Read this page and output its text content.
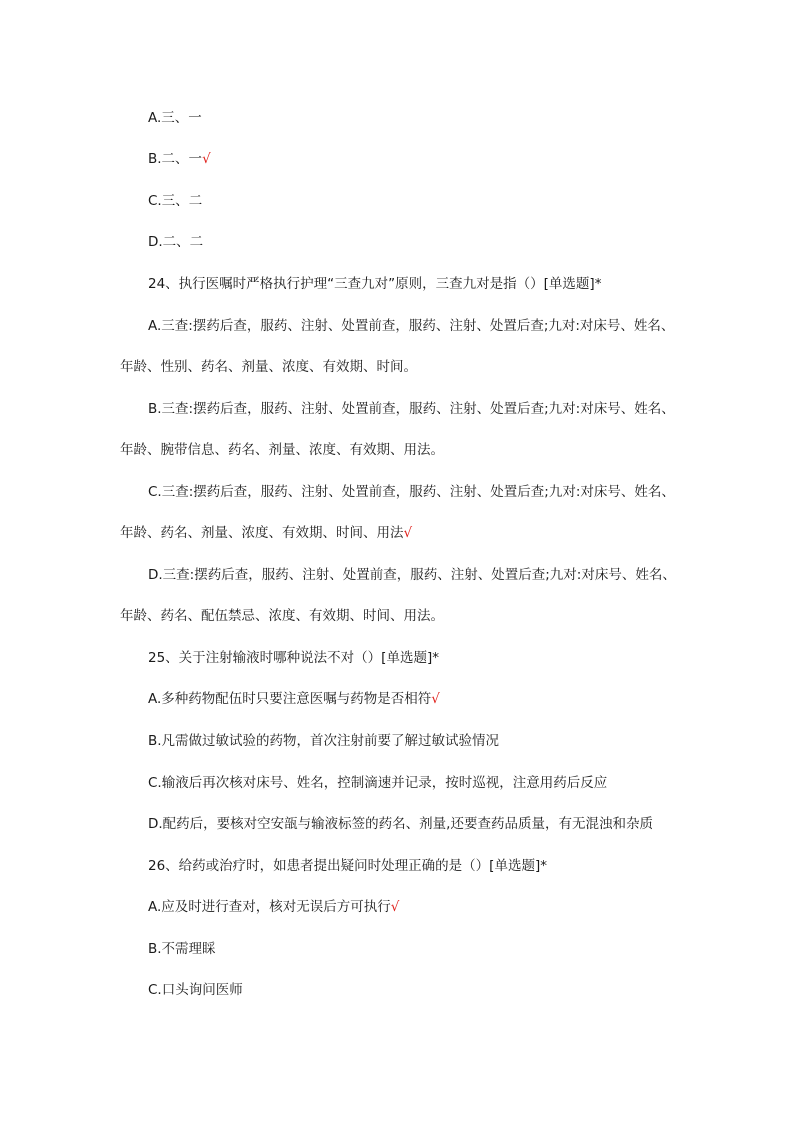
A.三、一
B.二、一√
C.三、二
D.二、二
24、执行医嘱时严格执行护理“三查九对”原则，三查九对是指（）[单选题]*
A.三查:摆药后查，服药、注射、处置前查，服药、注射、处置后查;九对:对床号、姓名、
年龄、性别、药名、剂量、浓度、有效期、时间。
B.三查:摆药后查，服药、注射、处置前查，服药、注射、处置后查;九对:对床号、姓名、
年龄、腕带信息、药名、剂量、浓度、有效期、用法。
C.三查:摆药后查，服药、注射、处置前查，服药、注射、处置后查;九对:对床号、姓名、
年龄、药名、剂量、浓度、有效期、时间、用法√
D.三查:摆药后查，服药、注射、处置前查，服药、注射、处置后查;九对:对床号、姓名、
年龄、药名、配伍禁忌、浓度、有效期、时间、用法。
25、关于注射输液时哪种说法不对（）[单选题]*
A.多种药物配伍时只要注意医嘱与药物是否相符√
B.凡需做过敏试验的药物，首次注射前要了解过敏试验情况
C.输液后再次核对床号、姓名，控制滴速并记录，按时巡视，注意用药后反应
D.配药后，要核对空安瓿与输液标签的药名、剂量,还要查药品质量，有无混浊和杂质
26、给药或治疗时，如患者提出疑问时处理正确的是（）[单选题]*
A.应及时进行查对，核对无误后方可执行√
B.不需理睬
C.口头询问医师
